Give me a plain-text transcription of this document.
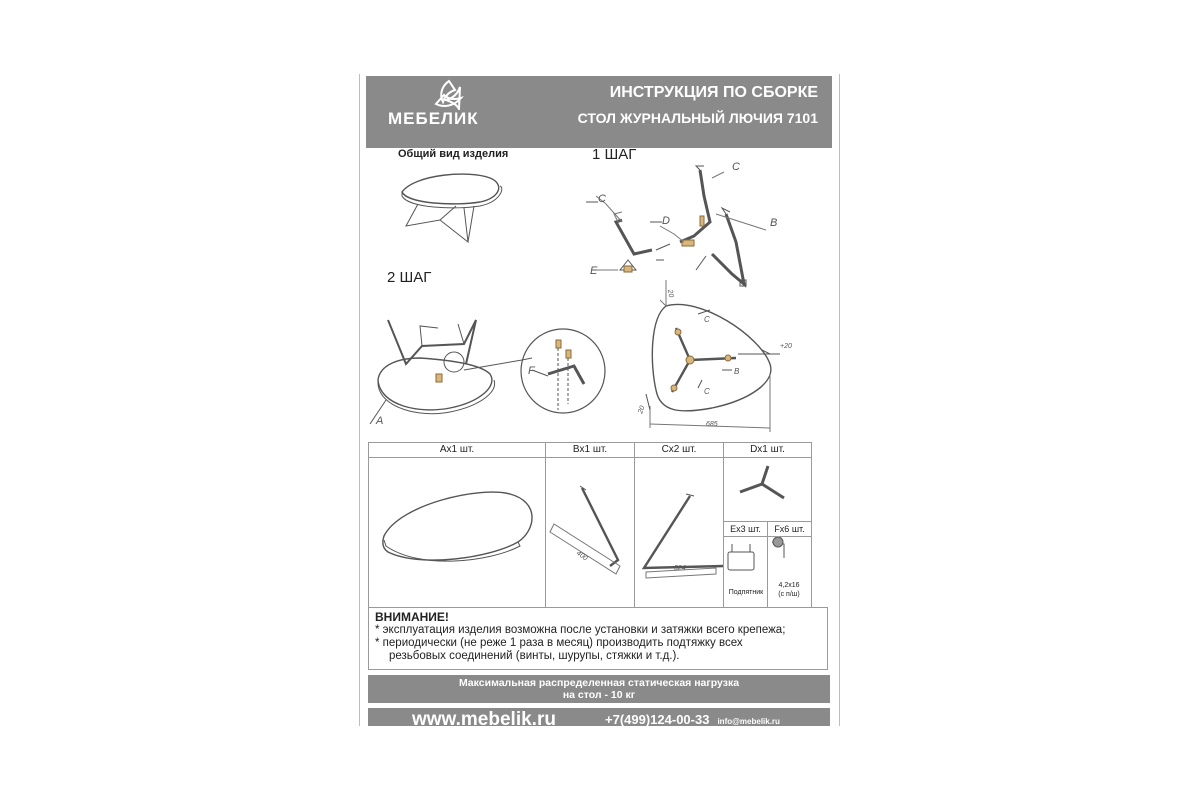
МЕБЕЛИК
ИНСТРУКЦИЯ ПО СБОРКЕ
СТОЛ ЖУРНАЛЬНЫЙ ЛЮЧИЯ 7101
Общий вид изделия	1 ШАГ
2 ШАГ
C
C
D	B
E
A
F
C
B
C
685
20
+20
20
400
324
Ax1 шт.	Bx1 шт.	Cx2 шт.	Dx1 шт.
Ex3 шт.	Fx6 шт.
Подпятник
4,2x16
(с п/ш)
ВНИМАНИЕ!
* эксплуатация изделия возможна после установки и затяжки всего крепежа;
* периодически (не реже 1 раза в месяц) производить подтяжку всех
резьбовых соединений (винты, шурупы, стяжки и т.д.).
Максимальная распределенная статическая нагрузка
на стол - 10 кг
www.mebelik.ru	+7(499)124-00-33 info@mebelik.ru
